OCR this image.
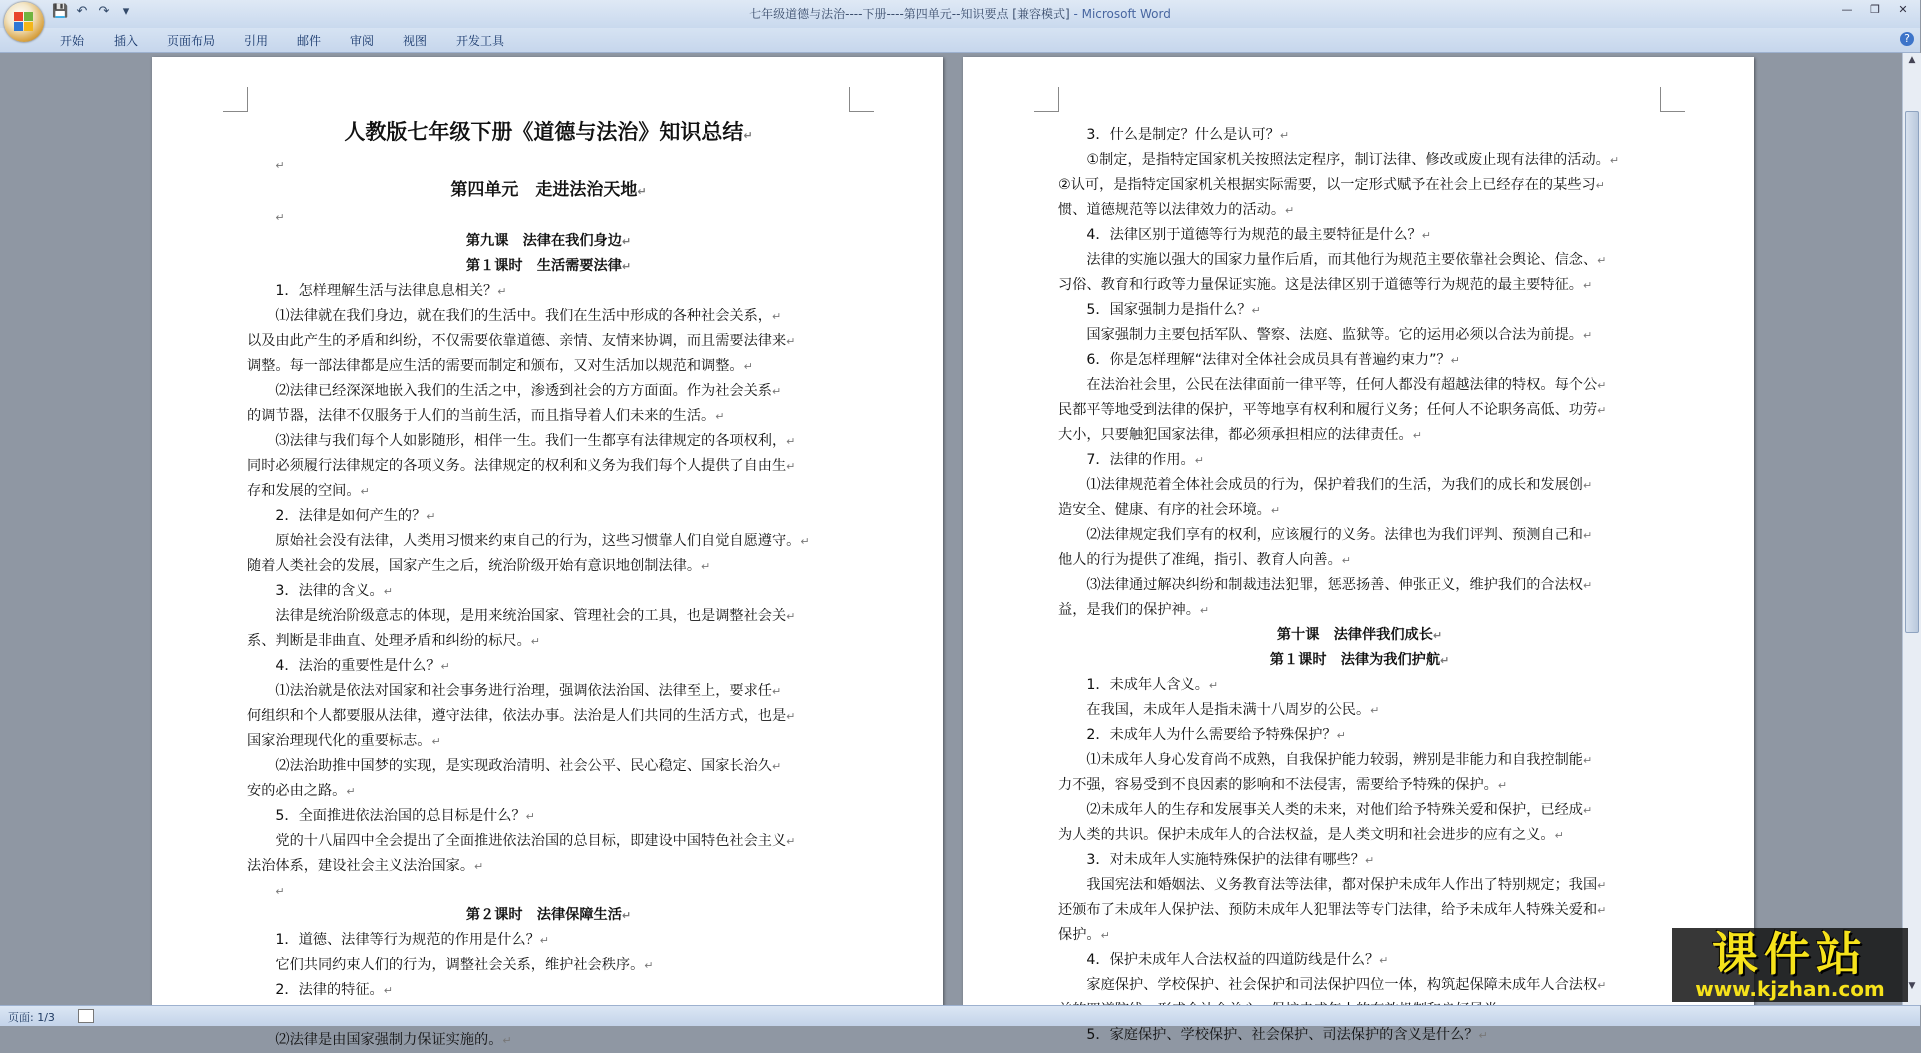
💾 ↶ ↷	▾	七年级道德与法治----下册----第四单元--知识要点 [兼容模式] - Microsoft Word	—	❐	✕
开始 插入 页面布局 引用 邮件 审阅 视图 开发工具	?

人教版七年级下册《道德与法治》知识总结↵

↵

第四单元　走进法治天地↵

↵

第九课　法律在我们身边↵

第１课时　生活需要法律↵

1．怎样理解生活与法律息息相关？↵

⑴法律就在我们身边，就在我们的生活中。我们在生活中形成的各种社会关系，↵

以及由此产生的矛盾和纠纷，不仅需要依靠道德、亲情、友情来协调，而且需要法律来↵

调整。每一部法律都是应生活的需要而制定和颁布，又对生活加以规范和调整。↵

⑵法律已经深深地嵌入我们的生活之中，渗透到社会的方方面面。作为社会关系↵

的调节器，法律不仅服务于人们的当前生活，而且指导着人们未来的生活。↵

⑶法律与我们每个人如影随形，相伴一生。我们一生都享有法律规定的各项权利，↵

同时必须履行法律规定的各项义务。法律规定的权利和义务为我们每个人提供了自由生↵

存和发展的空间。↵

2．法律是如何产生的？↵

原始社会没有法律，人类用习惯来约束自己的行为，这些习惯靠人们自觉自愿遵守。↵

随着人类社会的发展，国家产生之后，统治阶级开始有意识地创制法律。↵

3．法律的含义。↵

法律是统治阶级意志的体现，是用来统治国家、管理社会的工具，也是调整社会关↵

系、判断是非曲直、处理矛盾和纠纷的标尺。↵

4．法治的重要性是什么？↵

⑴法治就是依法对国家和社会事务进行治理，强调依法治国、法律至上，要求任↵

何组织和个人都要服从法律，遵守法律，依法办事。法治是人们共同的生活方式，也是↵

国家治理现代化的重要标志。↵

⑵法治助推中国梦的实现，是实现政治清明、社会公平、民心稳定、国家长治久↵

安的必由之路。↵

5．全面推进依法治国的总目标是什么？↵

党的十八届四中全会提出了全面推进依法治国的总目标，即建设中国特色社会主义↵

法治体系，建设社会主义法治国家。↵

↵

第２课时　法律保障生活↵

1．道德、法律等行为规范的作用是什么？↵

它们共同约束人们的行为，调整社会关系，维护社会秩序。↵

2．法律的特征。↵

⑵法律是由国家强制力保证实施的。↵

3．什么是制定？什么是认可？↵

①制定，是指特定国家机关按照法定程序，制订法律、修改或废止现有法律的活动。↵

②认可，是指特定国家机关根据实际需要，以一定形式赋予在社会上已经存在的某些习↵

惯、道德规范等以法律效力的活动。↵

4．法律区别于道德等行为规范的最主要特征是什么？↵

法律的实施以强大的国家力量作后盾，而其他行为规范主要依靠社会舆论、信念、↵

习俗、教育和行政等力量保证实施。这是法律区别于道德等行为规范的最主要特征。↵

5．国家强制力是指什么？↵

国家强制力主要包括军队、警察、法庭、监狱等。它的运用必须以合法为前提。↵

6．你是怎样理解“法律对全体社会成员具有普遍约束力”？↵

在法治社会里，公民在法律面前一律平等，任何人都没有超越法律的特权。每个公↵

民都平等地受到法律的保护，平等地享有权利和履行义务；任何人不论职务高低、功劳↵

大小，只要触犯国家法律，都必须承担相应的法律责任。↵

7．法律的作用。↵

⑴法律规范着全体社会成员的行为，保护着我们的生活，为我们的成长和发展创↵

造安全、健康、有序的社会环境。↵

⑵法律规定我们享有的权利，应该履行的义务。法律也为我们评判、预测自己和↵

他人的行为提供了准绳，指引、教育人向善。↵

⑶法律通过解决纠纷和制裁违法犯罪，惩恶扬善、伸张正义，维护我们的合法权↵

益，是我们的保护神。↵

第十课　法律伴我们成长↵

第１课时　法律为我们护航↵

1．未成年人含义。↵

在我国，未成年人是指未满十八周岁的公民。↵

2．未成年人为什么需要给予特殊保护？↵

⑴未成年人身心发育尚不成熟，自我保护能力较弱，辨别是非能力和自我控制能↵

力不强，容易受到不良因素的影响和不法侵害，需要给予特殊的保护。↵

⑵未成年人的生存和发展事关人类的未来，对他们给予特殊关爱和保护，已经成↵

为人类的共识。保护未成年人的合法权益，是人类文明和社会进步的应有之义。↵

3．对未成年人实施特殊保护的法律有哪些？↵

我国宪法和婚姻法、义务教育法等法律，都对保护未成年人作出了特别规定；我国↵

还颁布了未成年人保护法、预防未成年人犯罪法等专门法律，给予未成年人特殊关爱和↵

保护。↵

4．保护未成年人合法权益的四道防线是什么？↵

家庭保护、学校保护、社会保护和司法保护四位一体，构筑起保障未成年人合法权↵

5．家庭保护、学校保护、社会保护、司法保护的含义是什么？↵

▲
▼
页面: 1/3
课件站
www.kjzhan.com
